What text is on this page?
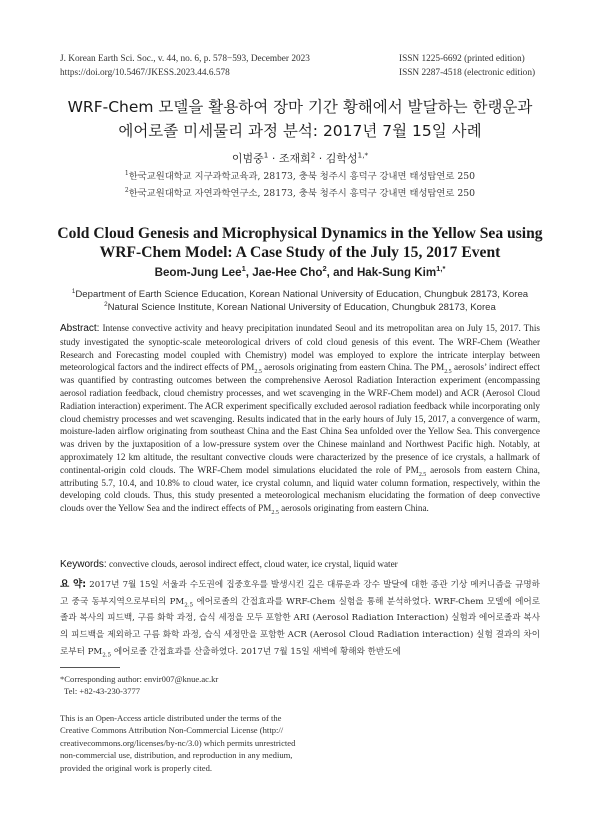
J. Korean Earth Sci. Soc., v. 44, no. 6, p. 578−593, December 2023
https://doi.org/10.5467/JKESS.2023.44.6.578
ISSN 1225-6692 (printed edition)
ISSN 2287-4518 (electronic edition)
WRF-Chem 모델을 활용하여 장마 기간 황해에서 발달하는 한랭운과
에어로졸 미세물리 과정 분석: 2017년 7월 15일 사례
이범중$^1$ · 조재희$^2$ · 김학성$^{1,*}$
$^1$한국교원대학교 지구과학교육과, 28173, 충북 청주시 흥덕구 강내면 태성탑연로 250
$^2$한국교원대학교 자연과학연구소, 28173, 충북 청주시 흥덕구 강내면 태성탑연로 250
Cold Cloud Genesis and Microphysical Dynamics in the Yellow Sea using
WRF-Chem Model: A Case Study of the July 15, 2017 Event
Beom-Jung Lee$^1$, Jae-Hee Cho$^2$, and Hak-Sung Kim$^{1,*}$
$^1$Department of Earth Science Education, Korean National University of Education, Chungbuk 28173, Korea
$^2$Natural Science Institute, Korean National University of Education, Chungbuk 28173, Korea
Abstract: Intense convective activity and heavy precipitation inundated Seoul and its metropolitan area on July 15, 2017. This study investigated the synoptic-scale meteorological drivers of cold cloud genesis of this event. The WRF-Chem (Weather Research and Forecasting model coupled with Chemistry) model was employed to explore the intricate interplay between meteorological factors and the indirect effects of $PM_{2.5}$ aerosols originating from eastern China. The $PM_{2.5}$ aerosols’ indirect effect was quantified by contrasting outcomes between the comprehensive Aerosol Radiation Interaction experiment (encompassing aerosol radiation feedback, cloud chemistry processes, and wet scavenging in the WRF-Chem model) and ACR (Aerosol Cloud Radiation interaction) experiment. The ACR experiment specifically excluded aerosol radiation feedback while incorporating only cloud chemistry processes and wet scavenging. Results indicated that in the early hours of July 15, 2017, a convergence of warm, moisture-laden airflow originating from southeast China and the East China Sea unfolded over the Yellow Sea. This convergence was driven by the juxtaposition of a low-pressure system over the Chinese mainland and Northwest Pacific high. Notably, at approximately 12 km altitude, the resultant convective clouds were characterized by the presence of ice crystals, a hallmark of continental-origin cold clouds. The WRF-Chem model simulations elucidated the role of $PM_{2.5}$ aerosols from eastern China, attributing 5.7, 10.4, and 10.8% to cloud water, ice crystal column, and liquid water column formation, respectively, within the developing cold clouds. Thus, this study presented a meteorological mechanism elucidating the formation of deep convective clouds over the Yellow Sea and the indirect effects of $PM_{2.5}$ aerosols originating from eastern China.
Keywords: convective clouds, aerosol indirect effect, cloud water, ice crystal, liquid water
요 약: 2017년 7월 15일 서울과 수도권에 집중호우를 발생시킨 깊은 대류운과 강수 발달에 대한 종관 기상 메커니즘을 규명하고 중국 동부지역으로부터의 $PM_{2.5}$ 에어로졸의 간접효과를 WRF-Chem 실험을 통해 분석하였다. WRF-Chem 모델에 에어로졸과 복사의 피드백, 구름 화학 과정, 습식 세정을 모두 포함한 ARI (Aerosol Radiation Interaction) 실험과 에어로졸과 복사의 피드백을 제외하고 구름 화학 과정, 습식 세정만을 포함한 ACR (Aerosol Cloud Radiation interaction) 실험 결과의 차이로부터 $PM_{2.5}$ 에어로졸 간접효과를 산출하였다. 2017년 7월 15일 새벽에 황해와 한반도에
*Corresponding author: envir007@knue.ac.kr
Tel: +82-43-230-3777
This is an Open-Access article distributed under the terms of the
Creative Commons Attribution Non-Commercial License (http://
creativecommons.org/licenses/by-nc/3.0) which permits unrestricted
non-commercial use, distribution, and reproduction in any medium,
provided the original work is properly cited.
